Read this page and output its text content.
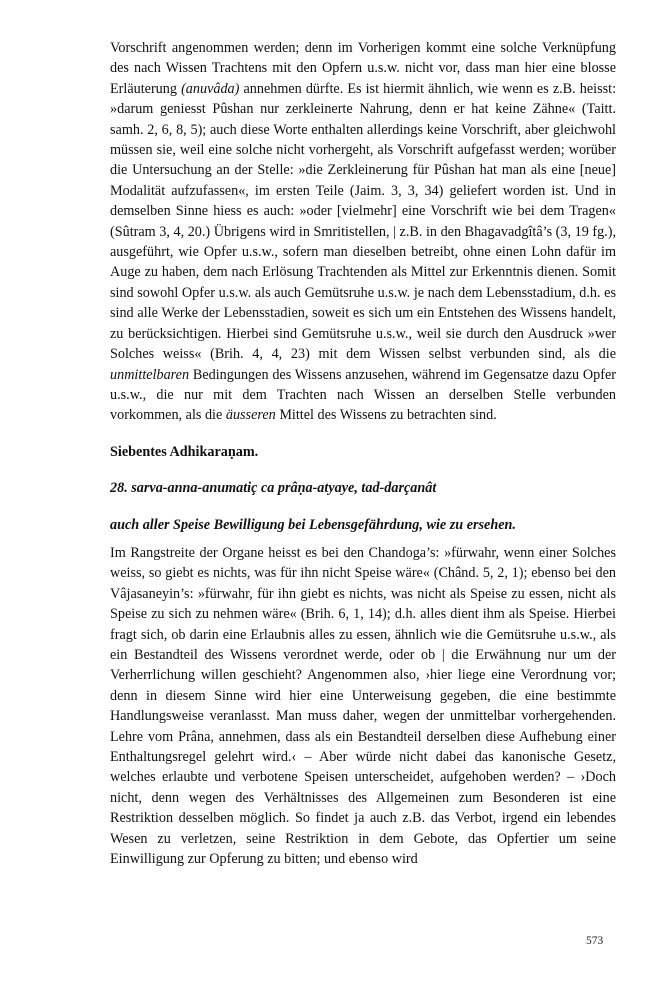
Vorschrift angenommen werden; denn im Vorherigen kommt eine solche Verknüpfung des nach Wissen Trachtens mit den Opfern u.s.w. nicht vor, dass man hier eine blosse Erläuterung (anuvâda) annehmen dürfte. Es ist hiermit ähnlich, wie wenn es z.B. heisst: »darum geniesst Pûshan nur zerkleinerte Nahrung, denn er hat keine Zähne« (Taitt. samh. 2, 6, 8, 5); auch diese Worte enthalten allerdings keine Vorschrift, aber gleichwohl müssen sie, weil eine solche nicht vorhergeht, als Vorschrift aufgefasst werden; worüber die Untersuchung an der Stelle: »die Zerkleinerung für Pûshan hat man als eine [neue] Modalität aufzufassen«, im ersten Teile (Jaim. 3, 3, 34) geliefert worden ist. Und in demselben Sinne hiess es auch: »oder [vielmehr] eine Vorschrift wie bei dem Tragen« (Sûtram 3, 4, 20.) Übrigens wird in Smritistellen, | z.B. in den Bhagavadgîtâ’s (3, 19 fg.), ausgeführt, wie Opfer u.s.w., sofern man dieselben betreibt, ohne einen Lohn dafür im Auge zu haben, dem nach Erlösung Trachtenden als Mittel zur Erkenntnis dienen. Somit sind sowohl Opfer u.s.w. als auch Gemütsruhe u.s.w. je nach dem Lebensstadium, d.h. es sind alle Werke der Lebensstadien, soweit es sich um ein Entstehen des Wissens handelt, zu berücksichtigen. Hierbei sind Gemütsruhe u.s.w., weil sie durch den Ausdruck »wer Solches weiss« (Brih. 4, 4, 23) mit dem Wissen selbst verbunden sind, als die unmittelbaren Bedingungen des Wissens anzusehen, während im Gegensatze dazu Opfer u.s.w., die nur mit dem Trachten nach Wissen an derselben Stelle verbunden vorkommen, als die äusseren Mittel des Wissens zu betrachten sind.

Siebentes Adhikaraṇam.

28. sarva-anna-anumatiç ca prâṇa-atyaye, tad-darçanât

auch aller Speise Bewilligung bei Lebensgefährdung, wie zu ersehen.

Im Rangstreite der Organe heisst es bei den Chandoga’s: »fürwahr, wenn einer Solches weiss, so giebt es nichts, was für ihn nicht Speise wäre« (Chând. 5, 2, 1); ebenso bei den Vâjasaneyin’s: »fürwahr, für ihn giebt es nichts, was nicht als Speise zu essen, nicht als Speise zu sich zu nehmen wäre« (Brih. 6, 1, 14); d.h. alles dient ihm als Speise. Hierbei fragt sich, ob darin eine Erlaubnis alles zu essen, ähnlich wie die Gemütsruhe u.s.w., als ein Bestandteil des Wissens verordnet werde, oder ob | die Erwähnung nur um der Verherrlichung willen geschieht? Angenommen also, ›hier liege eine Verordnung vor; denn in diesem Sinne wird hier eine Unterweisung gegeben, die eine bestimmte Handlungsweise veranlasst. Man muss daher, wegen der unmittelbar vorhergehenden. Lehre vom Prâna, annehmen, dass als ein Bestandteil derselben diese Aufhebung einer Enthaltungsregel gelehrt wird.‹ – Aber würde nicht dabei das kanonische Gesetz, welches erlaubte und verbotene Speisen unterscheidet, aufgehoben werden? – ›Doch nicht, denn wegen des Verhältnisses des Allgemeinen zum Besonderen ist eine Restriktion desselben möglich. So findet ja auch z.B. das Verbot, irgend ein lebendes Wesen zu verletzen, seine Restriktion in dem Gebote, das Opfertier um seine Einwilligung zur Opferung zu bitten; und ebenso wird

573
